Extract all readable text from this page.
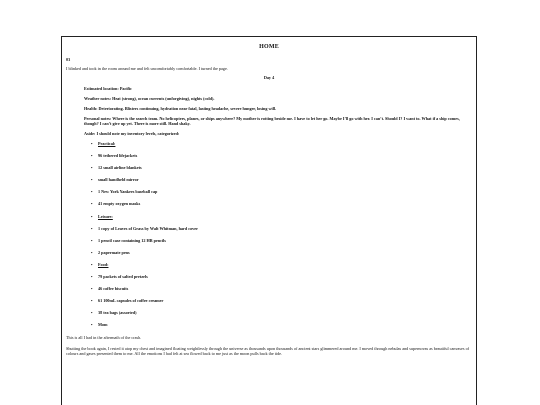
HOME
03

I blinked and took in the room around me and felt uncomfortably comfortable. I turned the page.

Day 4

Estimated location: Pacific

Weather notes: Heat (strong), ocean currents (unforgiving), nights (cold).

Health: Deteriorating. Blisters continuing, hydration near fatal, lasting headache, severe hunger, losing will.

Personal notes: Where is the search team. No helicopters, planes, or ships anywhere? My mother is rotting beside me. I have to let her go. Maybe I’ll go with her. I can’t. Should I? I want to. What if a ship comes, though? I can’t give up yet. There is more still. Hand shaky.

Aside: I should note my inventory levels, categorized:

• Practical:
• 96 tethered lifejackets
• 12 small airline blankets
• small handheld mirror
• 1 New York Yankees baseball cap
• 41 empty oxygen masks
• Leisure:
• 1 copy of Leaves of Grass by Walt Whitman, hard cover
• 1 pencil case containing 12 HB pencils
• 2 papermate pens
• Food:
• 79 packets of salted pretzels
• 46 coffee biscuits
• 61 100mL capsules of coffee creamer
• 38 tea bags (assorted)
• Mom

This is all I had in the aftermath of the crash.

Shutting the book again, I rested it atop my chest and imagined floating weightlessly through the universe as thousands upon thousands of ancient stars glimmered around me. I moved through nebulas and supernovas as beautiful canvases of colours and gases presented them to me. All the emotions I had felt at sea flowed back to me just as the moon pulls back the tide.
